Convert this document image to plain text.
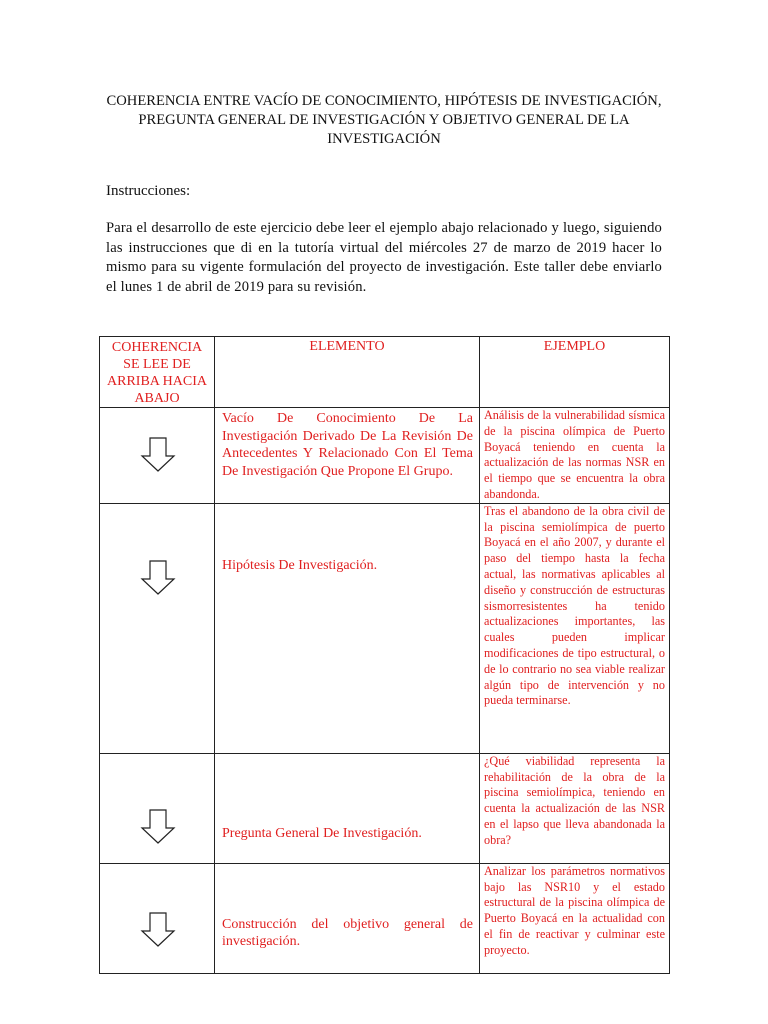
COHERENCIA ENTRE VACÍO DE CONOCIMIENTO, HIPÓTESIS DE INVESTIGACIÓN,
PREGUNTA GENERAL DE INVESTIGACIÓN Y OBJETIVO GENERAL DE LA
INVESTIGACIÓN
Instrucciones:
Para el desarrollo de este ejercicio debe leer el ejemplo abajo relacionado y luego, siguiendo las instrucciones que di en la tutoría virtual del miércoles 27 de marzo de 2019 hacer lo mismo para su vigente formulación del proyecto de investigación. Este taller debe enviarlo el lunes 1 de abril de 2019 para su revisión.
COHERENCIA SE LEE DE ARRIBA HACIA ABAJO	ELEMENTO	EJEMPLO

	Vacío De Conocimiento De La Investigación Derivado De La Revisión De Antecedentes Y Relacionado Con El Tema De Investigación Que Propone El Grupo.	Análisis de la vulnerabilidad sísmica de la piscina olímpica de Puerto Boyacá teniendo en cuenta la actualización de las normas NSR en el tiempo que se encuentra la obra abandonda.

	Hipótesis De Investigación.	Tras el abandono de la obra civil de la piscina semiolímpica de puerto Boyacá en el año 2007, y durante el paso del tiempo hasta la fecha actual, las normativas aplicables al diseño y construcción de estructuras sismorresistentes ha tenido actualizaciones importantes, las cuales pueden implicar modificaciones de tipo estructural, o de lo contrario no sea viable realizar algún tipo de intervención y no pueda terminarse.

	Pregunta General De Investigación.	¿Qué viabilidad representa la rehabilitación de la obra de la piscina semiolímpica, teniendo en cuenta la actualización de las NSR en el lapso que lleva abandonada la obra?

	Construcción del objetivo general de investigación.	Analizar los parámetros normativos bajo las NSR10 y el estado estructural de la piscina olímpica de Puerto Boyacá en la actualidad con el fin de reactivar y culminar este proyecto.
